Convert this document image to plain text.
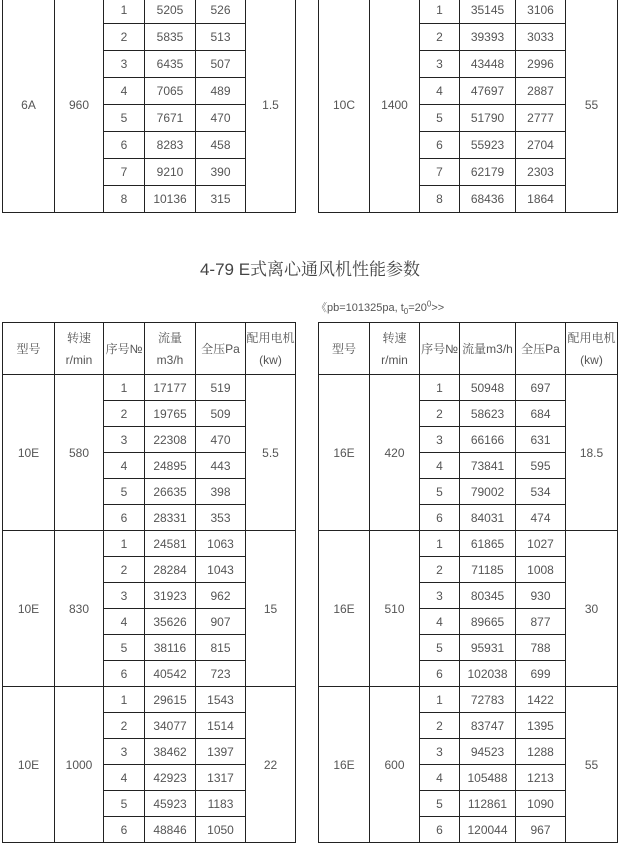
6A	960	1	5205	526	1.5
		2	5835	513	
		3	6435	507	
		4	7065	489	
		5	7671	470	
		6	8283	458	
		7	9210	390	
		8	10136	315	
10C	1400	1	35145	3106	55
		2	39393	3033	
		3	43448	2996	
		4	47697	2887	
		5	51790	2777	
		6	55923	2704	
		7	62179	2303	
		8	68436	1864	
4-79 E式离心通风机性能参数
《pb=101325pa, $t_0=20^0>>$
型号	转速r/min	序号№	流量m3/h	全压Pa	配用电机(kw)
10E	580	1	17177	519	5.5
		2	19765	509	
		3	22308	470	
		4	24895	443	
		5	26635	398	
		6	28331	353	
10E	830	1	24581	1063	15
		2	28284	1043	
		3	31923	962	
		4	35626	907	
		5	38116	815	
		6	40542	723	
10E	1000	1	29615	1543	22
		2	34077	1514	
		3	38462	1397	
		4	42923	1317	
		5	45923	1183	
		6	48846	1050	
型号	转速r/min	序号№	流量m3/h	全压Pa	配用电机(kw)
16E	420	1	50948	697	18.5
		2	58623	684	
		3	66166	631	
		4	73841	595	
		5	79002	534	
		6	84031	474	
16E	510	1	61865	1027	30
		2	71185	1008	
		3	80345	930	
		4	89665	877	
		5	95931	788	
		6	102038	699	
16E	600	1	72783	1422	55
		2	83747	1395	
		3	94523	1288	
		4	105488	1213	
		5	112861	1090	
		6	120044	967	
